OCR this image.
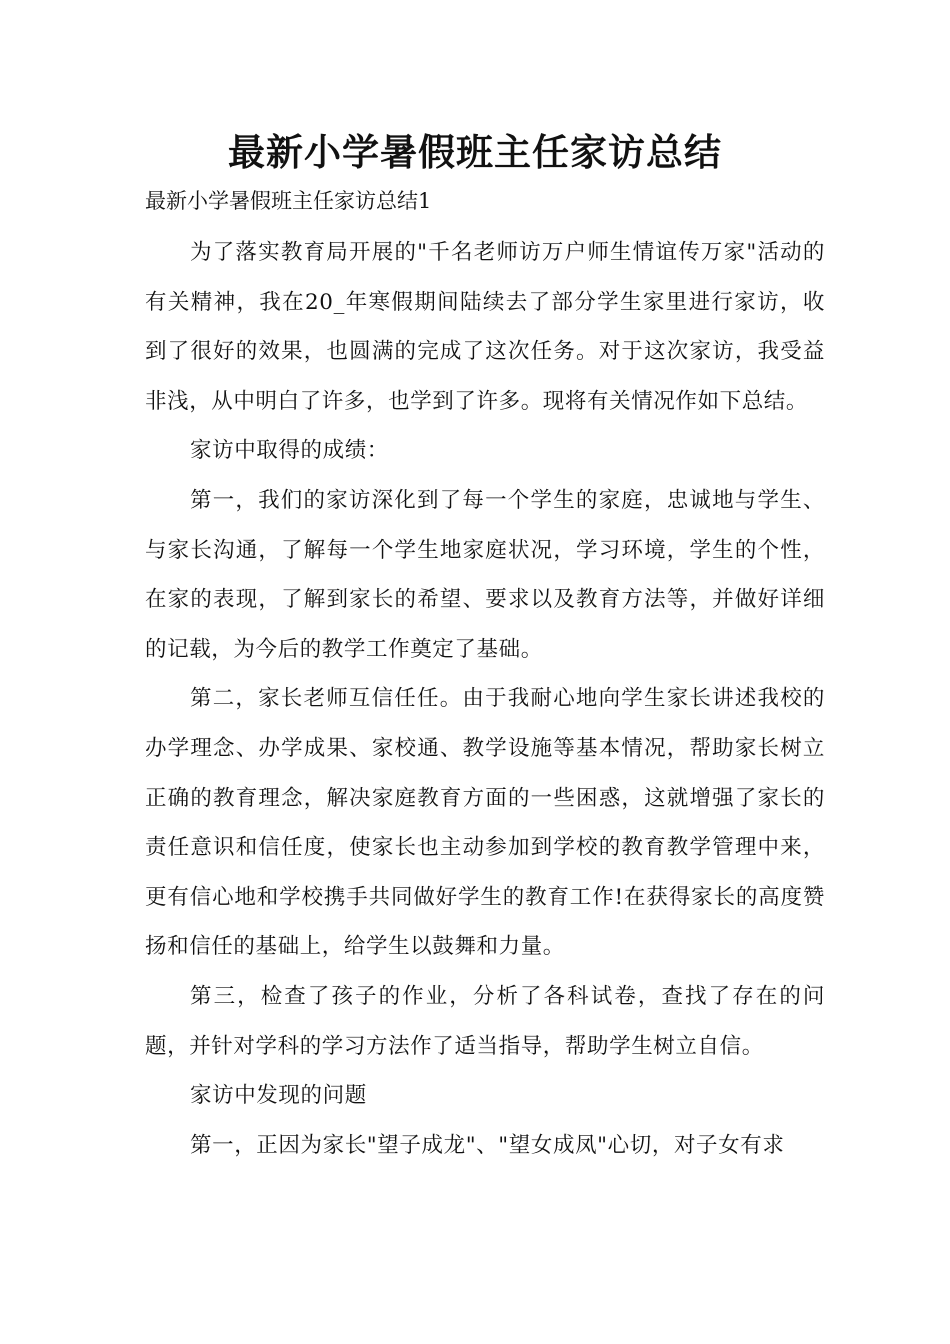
最新小学暑假班主任家访总结
最新小学暑假班主任家访总结1

为了落实教育局开展的"千名老师访万户师生情谊传万家"活动的有关精神，我在20_年寒假期间陆续去了部分学生家里进行家访，收到了很好的效果，也圆满的完成了这次任务。对于这次家访，我受益非浅，从中明白了许多，也学到了许多。现将有关情况作如下总结。

家访中取得的成绩：

第一，我们的家访深化到了每一个学生的家庭，忠诚地与学生、与家长沟通，了解每一个学生地家庭状况，学习环境，学生的个性，在家的表现，了解到家长的希望、要求以及教育方法等，并做好详细的记载，为今后的教学工作奠定了基础。

第二，家长老师互信任任。由于我耐心地向学生家长讲述我校的办学理念、办学成果、家校通、教学设施等基本情况，帮助家长树立正确的教育理念，解决家庭教育方面的一些困惑，这就增强了家长的责任意识和信任度，使家长也主动参加到学校的教育教学管理中来，更有信心地和学校携手共同做好学生的教育工作!在获得家长的高度赞扬和信任的基础上，给学生以鼓舞和力量。

第三，检查了孩子的作业，分析了各科试卷，查找了存在的问题，并针对学科的学习方法作了适当指导，帮助学生树立自信。

家访中发现的问题

第一，正因为家长"望子成龙"、"望女成凤"心切，对子女有求
